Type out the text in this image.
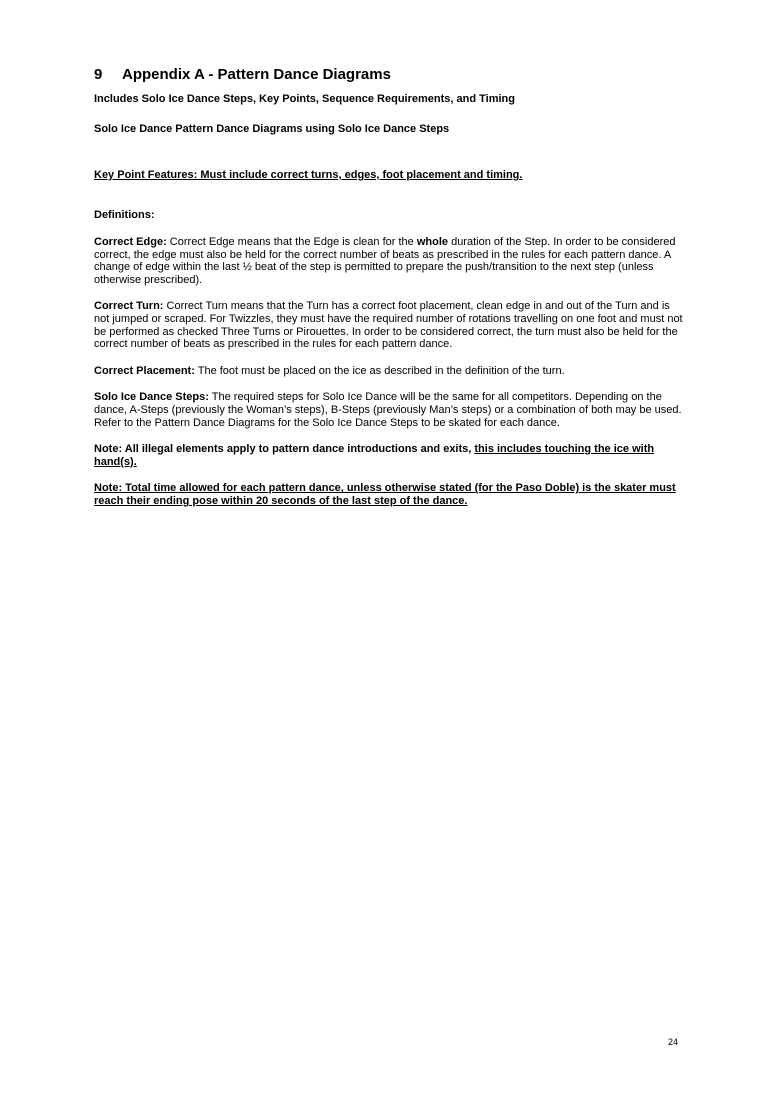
9 Appendix A - Pattern Dance Diagrams

Includes Solo Ice Dance Steps, Key Points, Sequence Requirements, and Timing

Solo Ice Dance Pattern Dance Diagrams using Solo Ice Dance Steps

Key Point Features: Must include correct turns, edges, foot placement and timing.
Definitions:
Correct Edge: Correct Edge means that the Edge is clean for the whole duration of the Step. In order to be considered correct, the edge must also be held for the correct number of beats as prescribed in the rules for each pattern dance. A change of edge within the last ½ beat of the step is permitted to prepare the push/transition to the next step (unless otherwise prescribed).
Correct Turn: Correct Turn means that the Turn has a correct foot placement, clean edge in and out of the Turn and is not jumped or scraped. For Twizzles, they must have the required number of rotations travelling on one foot and must not be performed as checked Three Turns or Pirouettes. In order to be considered correct, the turn must also be held for the correct number of beats as prescribed in the rules for each pattern dance.
Correct Placement: The foot must be placed on the ice as described in the definition of the turn.
Solo Ice Dance Steps: The required steps for Solo Ice Dance will be the same for all competitors. Depending on the dance, A-Steps (previously the Woman’s steps), B-Steps (previously Man’s steps) or a combination of both may be used. Refer to the Pattern Dance Diagrams for the Solo Ice Dance Steps to be skated for each dance.
Note: All illegal elements apply to pattern dance introductions and exits, this includes touching the ice with hand(s).
Note: Total time allowed for each pattern dance, unless otherwise stated (for the Paso Doble) is the skater must reach their ending pose within 20 seconds of the last step of the dance.
24
